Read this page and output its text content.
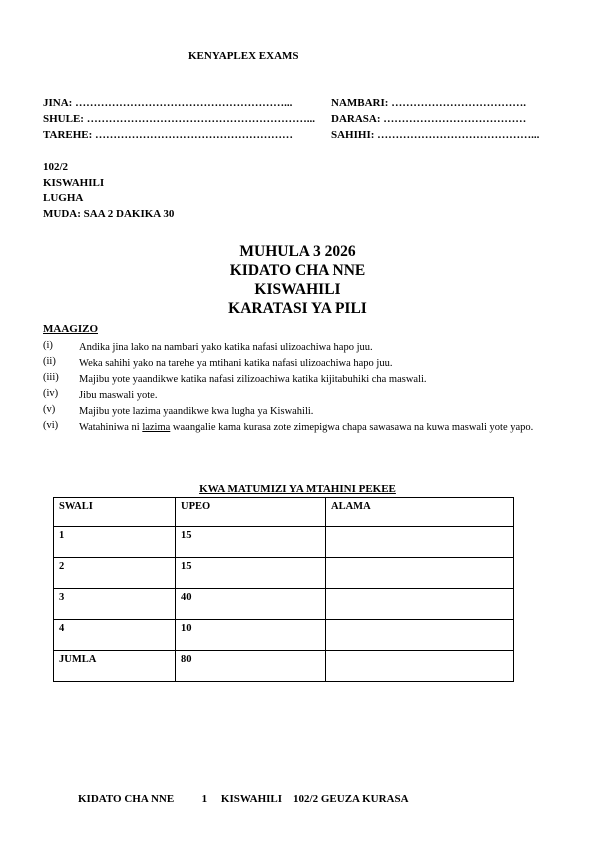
KENYAPLEX EXAMS
JINA: …………………………………………………...	NAMBARI: ……………………………….
SHULE: ……………………………………………………... DARASA: …………………………………
TAREHE: ………………………………………………	SAHIHI: ……………………………………...
102/2
KISWAHILI
LUGHA
MUDA: SAA 2 DAKIKA 30
MUHULA 3 2026
KIDATO CHA NNE
KISWAHILI
KARATASI YA PILI
MAAGIZO
(i) Andika jina lako na nambari yako katika nafasi ulizoachiwa hapo juu.
(ii) Weka sahihi yako na tarehe ya mtihani katika nafasi ulizoachiwa hapo juu.
(iii) Majibu yote yaandikwe katika nafasi zilizoachiwa katika kijitabuhiki cha maswali.
(iv) Jibu maswali yote.
(v) Majibu yote lazima yaandikwe kwa lugha ya Kiswahili.
(vi) Watahiniwa ni lazima waangalie kama kurasa zote zimepigwa chapa sawasawa na kuwa maswali yote yapo.
KWA MATUMIZI YA MTAHINI PEKEE
SWALI	UPEO	ALAMA
1	15	
2	15	
3	40	
4	10	
JUMLA	80	
KIDATO CHA NNE          1     KISWAHILI    102/2 GEUZA KURASA
